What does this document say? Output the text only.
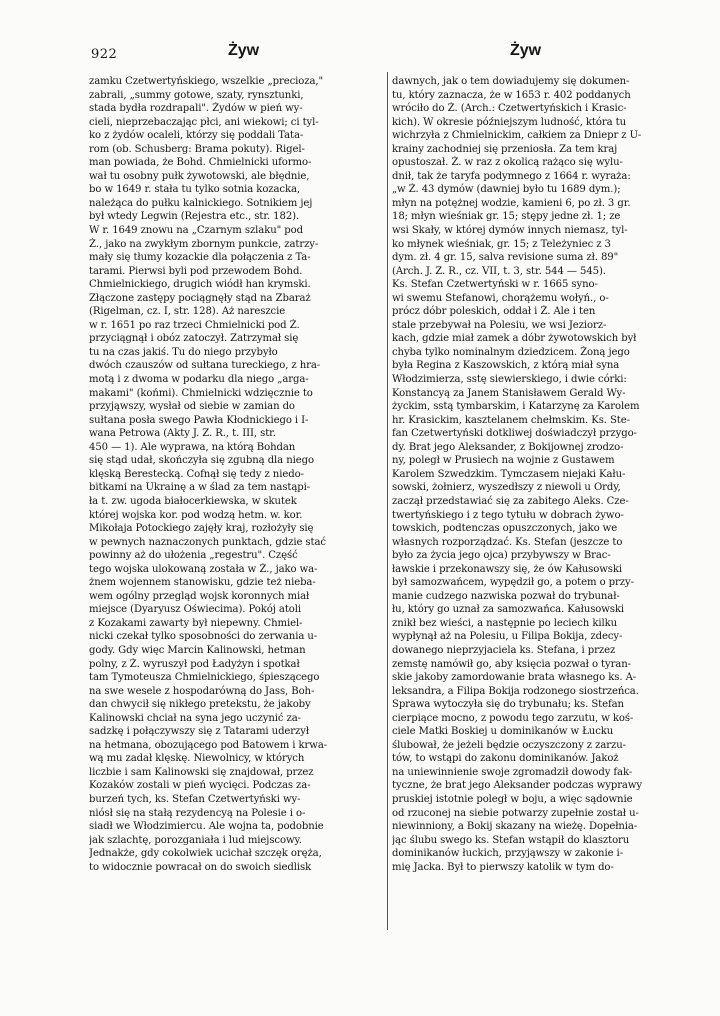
922	Żyw	Żyw
zamku Czetwertyńskiego, wszelkie „precioza,"
zabrali, „summy gotowe, szaty, rynsztunki,
stada bydła rozdrapali". Żydów w pień wy-
cieli, nieprzebaczając płci, ani wiekowi; ci tyl-
ko z żydów ocaleli, którzy się poddali Tata-
rom (ob. Schusberg: Brama pokuty). Rigel-
man powiada, że Bohd. Chmielnicki uformo-
wał tu osobny pułk żywotowski, ale błędnie,
bo w 1649 r. stała tu tylko sotnia kozacka,
należąca do pułku kalnickiego. Sotnikiem jej
był wtedy Legwin (Rejestra etc., str. 182).
W r. 1649 znowu na „Czarnym szlaku" pod
Ż., jako na zwykłym zbornym punkcie, zatrzy-
mały się tłumy kozackie dla połączenia z Ta-
tarami. Pierwsi byli pod przewodem Bohd.
Chmielnickiego, drugich wiódł han krymski.
Złączone zastępy pociągnęły stąd na Zbaraż
(Rigelman, cz. I, str. 128). Aż nareszcie
w r. 1651 po raz trzeci Chmielnicki pod Ż.
przyciągnął i obóz zatoczył. Zatrzymał się
tu na czas jakiś. Tu do niego przybyło
dwóch czauszów od sułtana tureckiego, z hra-
motą i z dwoma w podarku dla niego „arga-
makami" (końmi). Chmielnicki wdzięcznie to
przyjąwszy, wysłał od siebie w zamian do
sułtana posła swego Pawła Kłodnickiego i I-
wana Petrowa (Akty J. Z. R., t. III, str.
450 — 1). Ale wyprawa, na którą Bohdan
się stąd udał, skończyła się zgubną dla niego
klęską Berestecką. Cofnął się tedy z niedo-
bitkami na Ukrainę a w ślad za tem nastąpi-
ła t. zw. ugoda białocerkiewska, w skutek
której wojska kor. pod wodzą hetm. w. kor.
Mikołaja Potockiego zajęły kraj, rozłożyły się
w pewnych naznaczonych punktach, gdzie stać
powinny aż do ułożenia „regestru". Część
tego wojska ulokowaną została w Ż., jako wa-
żnem wojennem stanowisku, gdzie też nieba-
wem ogólny przegląd wojsk koronnych miał
miejsce (Dyaryusz Oświecima). Pokój atoli
z Kozakami zawarty był niepewny. Chmiel-
nicki czekał tylko sposobności do zerwania u-
gody. Gdy więc Marcin Kalinowski, hetman
polny, z Ż. wyruszył pod Ładyżyn i spotkał
tam Tymoteusza Chmielnickiego, śpieszącego
na swe wesele z hospodarówną do Jass, Boh-
dan chwycił się nikłego pretekstu, że jakoby
Kalinowski chciał na syna jego uczynić za-
sadzkę i połączywszy się z Tatarami uderzył
na hetmana, obozującego pod Batowem i krwa-
wą mu zadał klęskę. Niewolnicy, w których
liczbie i sam Kalinowski się znajdował, przez
Kozaków zostali w pień wycięci. Podczas za-
burzeń tych, ks. Stefan Czetwertyński wy-
niósł się na stałą rezydencyą na Polesie i o-
siadł we Włodzimiercu. Ale wojna ta, podobnie
jak szlachtę, porozganiała i lud miejscowy.
Jednakże, gdy cokolwiek ucichał szczęk oręża,
to widocznie powracał on do swoich siedlisk
dawnych, jak o tem dowiadujemy się dokumen-
tu, który zaznacza, że w 1653 r. 402 poddanych
wróciło do Ż. (Arch.: Czetwertyńskich i Krasic-
kich). W okresie późniejszym ludność, która tu
wichrzyła z Chmielnickim, całkiem za Dniepr z U-
krainy zachodniej się przeniosła. Za tem kraj
opustoszał. Ż. w raz z okolicą rażąco się wylu-
dnił, tak że taryfa podymnego z 1664 r. wyraża:
„w Ż. 43 dymów (dawniej było tu 1689 dym.);
młyn na potężnej wodzie, kamieni 6, po zł. 3 gr.
18; młyn wieśniak gr. 15; stępy jedne zł. 1; ze
wsi Skały, w której dymów innych niemasz, tyl-
ko młynek wieśniak, gr. 15; z Teleżyniec z 3
dym. zł. 4 gr. 15, salva revisione suma zł. 89"
(Arch. J. Z. R., cz. VII, t. 3, str. 544 — 545).
Ks. Stefan Czetwertyński w r. 1665 syno-
wi swemu Stefanowi, chorążemu wołyń., o-
prócz dóbr poleskich, oddał i Ż. Ale i ten
stale przebywał na Polesiu, we wsi Jeziorz-
kach, gdzie miał zamek a dóbr żywotowskich był
chyba tylko nominalnym dziedzicem. Żoną jego
była Regina z Kaszowskich, z którą miał syna
Włodzimierza, sstę siewierskiego, i dwie córki:
Konstancyą za Janem Stanisławem Gerald Wy-
życkim, sstą tymbarskim, i Katarzynę za Karolem
hr. Krasickim, kasztelanem chełmskim. Ks. Ste-
fan Czetwertyński dotkliwej doświadczył przygo-
dy. Brat jego Aleksander, z Bokijownej zrodzo-
ny, poległ w Prusiech na wojnie z Gustawem
Karolem Szwedzkim. Tymczasem niejaki Kału-
sowski, żołnierz, wyszedłszy z niewoli u Ordy,
zaczął przedstawiać się za zabitego Aleks. Cze-
twertyńskiego i z tego tytułu w dobrach żywo-
towskich, podtenczas opuszczonych, jako we
własnych rozporządzać. Ks. Stefan (jeszcze to
było za życia jego ojca) przybywszy w Brac-
ławskie i przekonawszy się, że ów Kałusowski
był samozwańcem, wypędził go, a potem o przy-
manie cudzego nazwiska pozwał do trybunał-
łu, który go uznał za samozwańca. Kałusowski
znikł bez wieści, a następnie po leciech kilku
wypłynął aż na Polesiu, u Filipa Bokija, zdecy-
dowanego nieprzyjaciela ks. Stefana, i przez
zemstę namówił go, aby księcia pozwał o tyran-
skie jakoby zamordowanie brata własnego ks. A-
leksandra, a Filipa Bokija rodzonego siostrzeńca.
Sprawa wytoczyła się do trybunału; ks. Stefan
cierpiące mocno, z powodu tego zarzutu, w koś-
ciele Matki Boskiej u dominikanów w Łucku
ślubował, że jeżeli będzie oczyszczony z zarzu-
tów, to wstąpi do zakonu dominikanów. Jakoż
na uniewinnienie swoje zgromadził dowody fak-
tyczne, że brat jego Aleksander podczas wyprawy
pruskiej istotnie poległ w boju, a więc sądownie
od rzuconej na siebie potwarzy zupełnie został u-
niewinniony, a Bokij skazany na wieżę. Dopełnia-
jąc ślubu swego ks. Stefan wstąpił do klasztoru
dominikanów łuckich, przyjąwszy w zakonie i-
mię Jacka. Był to pierwszy katolik w tym do-
